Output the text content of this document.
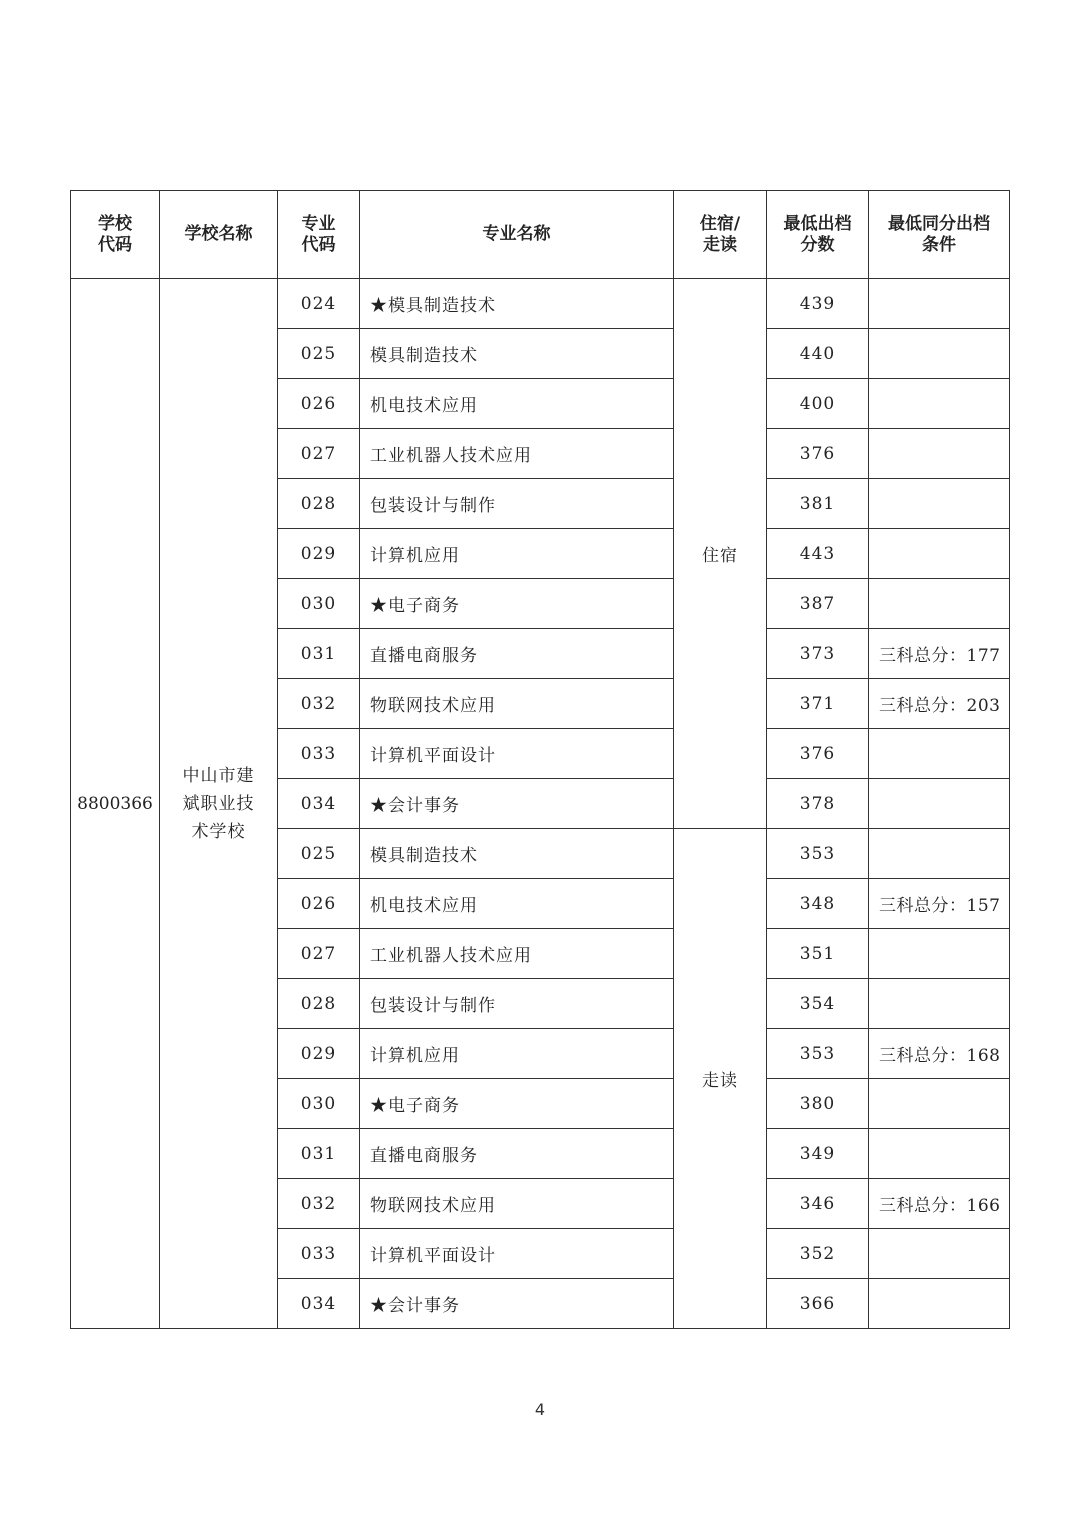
学校代码	学校名称	专业代码	专业名称	住宿/走读	最低出档分数	最低同分出档条件
8800366	中山市建斌职业技术学校	024	★模具制造技术	住宿	439	
		025	模具制造技术		440	
		026	机电技术应用		400	
		027	工业机器人技术应用		376	
		028	包装设计与制作		381	
		029	计算机应用		443	
		030	★电子商务		387	
		031	直播电商服务		373	三科总分：177
		032	物联网技术应用		371	三科总分：203
		033	计算机平面设计		376	
		034	★会计事务		378	
		025	模具制造技术	走读	353	
		026	机电技术应用		348	三科总分：157
		027	工业机器人技术应用		351	
		028	包装设计与制作		354	
		029	计算机应用		353	三科总分：168
		030	★电子商务		380	
		031	直播电商服务		349	
		032	物联网技术应用		346	三科总分：166
		033	计算机平面设计		352	
		034	★会计事务		366	
4
